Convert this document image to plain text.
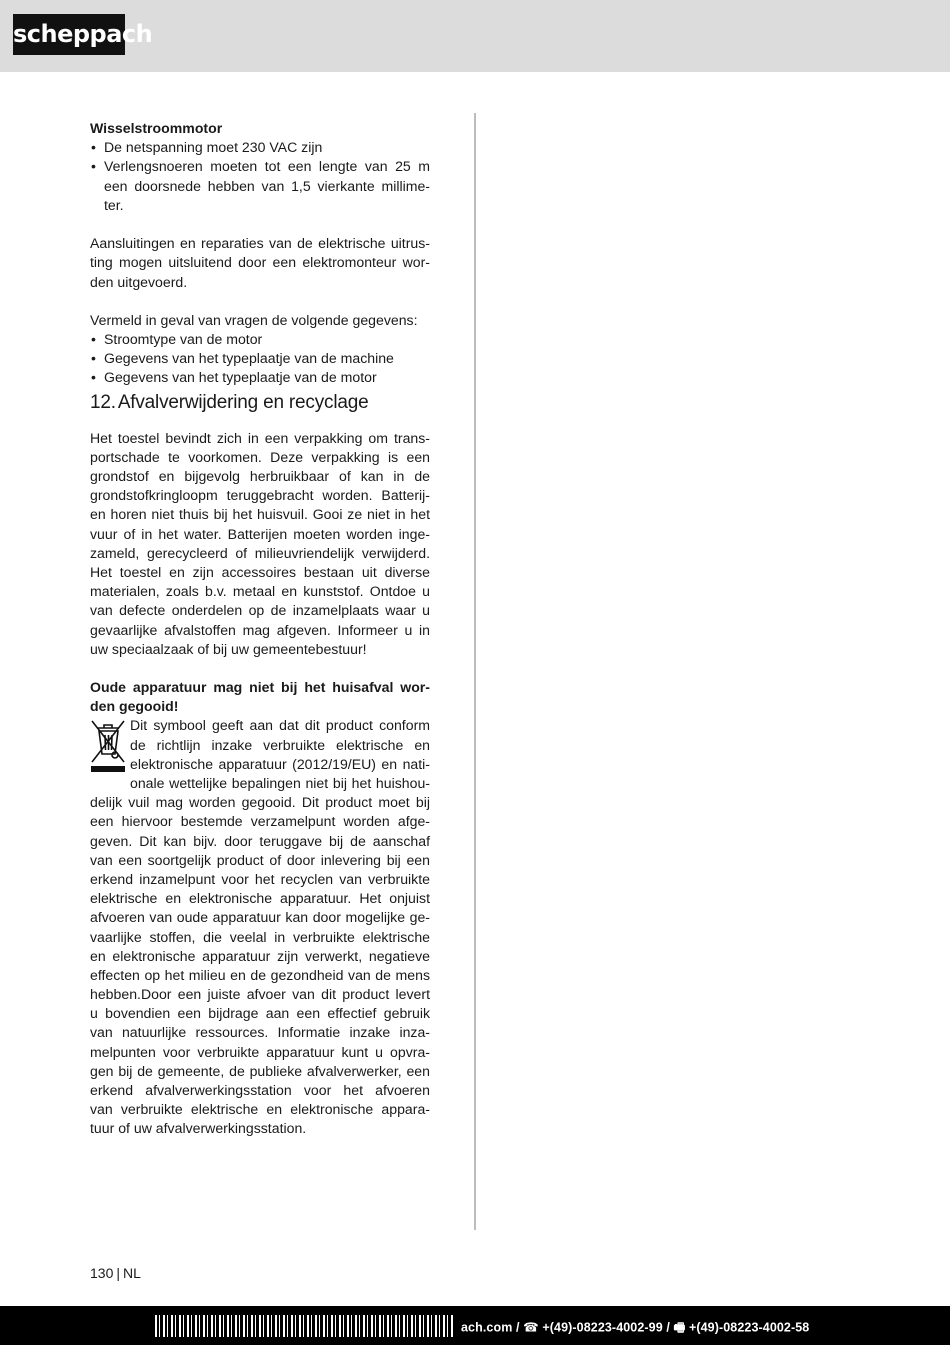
scheppach
Wisselstroommotor
• De netspanning moet 230 VAC zijn
• Verlengsnoeren moeten tot een lengte van 25 m
een doorsnede hebben van 1,5 vierkante millime-
ter.
Aansluitingen en reparaties van de elektrische uitrus-
ting mogen uitsluitend door een elektromonteur wor-
den uitgevoerd.
Vermeld in geval van vragen de volgende gegevens:
• Stroomtype van de motor
• Gegevens van het typeplaatje van de machine
• Gegevens van het typeplaatje van de motor
12. Afvalverwijdering en recyclage
Het toestel bevindt zich in een verpakking om trans-
portschade te voorkomen. Deze verpakking is een
grondstof en bijgevolg herbruikbaar of kan in de
grondstofkringloopm teruggebracht worden. Batterij-
en horen niet thuis bij het huisvuil. Gooi ze niet in het
vuur of in het water. Batterijen moeten worden inge-
zameld, gerecycleerd of milieuvriendelijk verwijderd.
Het toestel en zijn accessoires bestaan uit diverse
materialen, zoals b.v. metaal en kunststof. Ontdoe u
van defecte onderdelen op de inzamelplaats waar u
gevaarlijke afvalstoffen mag afgeven. Informeer u in
uw speciaalzaak of bij uw gemeentebestuur!
Oude apparatuur mag niet bij het huisafval wor-
den gegooid!
Dit symbool geeft aan dat dit product conform
de richtlijn inzake verbruikte elektrische en
elektronische apparatuur (2012/19/EU) en nati-
onale wettelijke bepalingen niet bij het huishou-
delijk vuil mag worden gegooid. Dit product moet bij
een hiervoor bestemde verzamelpunt worden afge-
geven. Dit kan bijv. door teruggave bij de aanschaf
van een soortgelijk product of door inlevering bij een
erkend inzamelpunt voor het recyclen van verbruikte
elektrische en elektronische apparatuur. Het onjuist
afvoeren van oude apparatuur kan door mogelijke ge-
vaarlijke stoffen, die veelal in verbruikte elektrische
en elektronische apparatuur zijn verwerkt, negatieve
effecten op het milieu en de gezondheid van de mens
hebben.Door een juiste afvoer van dit product levert
u bovendien een bijdrage aan een effectief gebruik
van natuurlijke ressources. Informatie inzake inza-
melpunten voor verbruikte apparatuur kunt u opvra-
gen bij de gemeente, de publieke afvalverwerker, een
erkend afvalverwerkingsstation voor het afvoeren
van verbruikte elektrische en elektronische appara-
tuur of uw afvalverwerkingsstation.
130 | NL
ach.com / ☎ +(49)-08223-4002-99 / 🖷 +(49)-08223-4002-58
